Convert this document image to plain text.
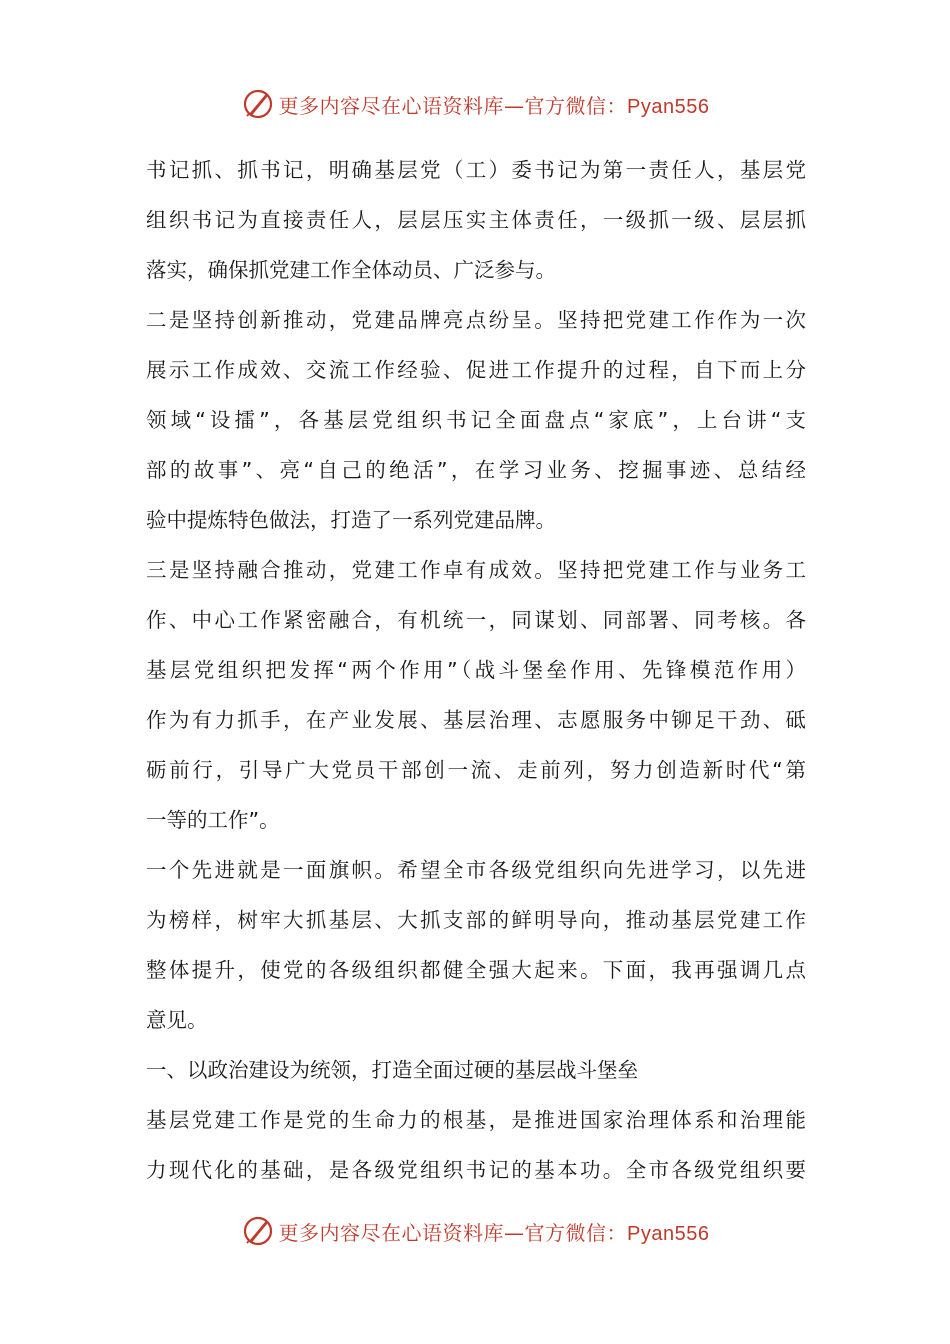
更多内容尽在心语资料库—官方微信：Pyan556
书记抓、抓书记，明确基层党（工）委书记为第一责任人，基层党
组织书记为直接责任人，层层压实主体责任，一级抓一级、层层抓
落实，确保抓党建工作全体动员、广泛参与。
二是坚持创新推动，党建品牌亮点纷呈。坚持把党建工作作为一次
展示工作成效、交流工作经验、促进工作提升的过程，自下而上分
领域“设擂”，各基层党组织书记全面盘点“家底”，上台讲“支
部的故事”、亮“自己的绝活”，在学习业务、挖掘事迹、总结经
验中提炼特色做法，打造了一系列党建品牌。
三是坚持融合推动，党建工作卓有成效。坚持把党建工作与业务工
作、中心工作紧密融合，有机统一，同谋划、同部署、同考核。各
基层党组织把发挥“两个作用”（战斗堡垒作用、先锋模范作用）
作为有力抓手，在产业发展、基层治理、志愿服务中铆足干劲、砥
砺前行，引导广大党员干部创一流、走前列，努力创造新时代“第
一等的工作”。
一个先进就是一面旗帜。希望全市各级党组织向先进学习，以先进
为榜样，树牢大抓基层、大抓支部的鲜明导向，推动基层党建工作
整体提升，使党的各级组织都健全强大起来。下面，我再强调几点
意见。
一、以政治建设为统领，打造全面过硬的基层战斗堡垒
基层党建工作是党的生命力的根基，是推进国家治理体系和治理能
力现代化的基础，是各级党组织书记的基本功。全市各级党组织要
更多内容尽在心语资料库—官方微信：Pyan556
